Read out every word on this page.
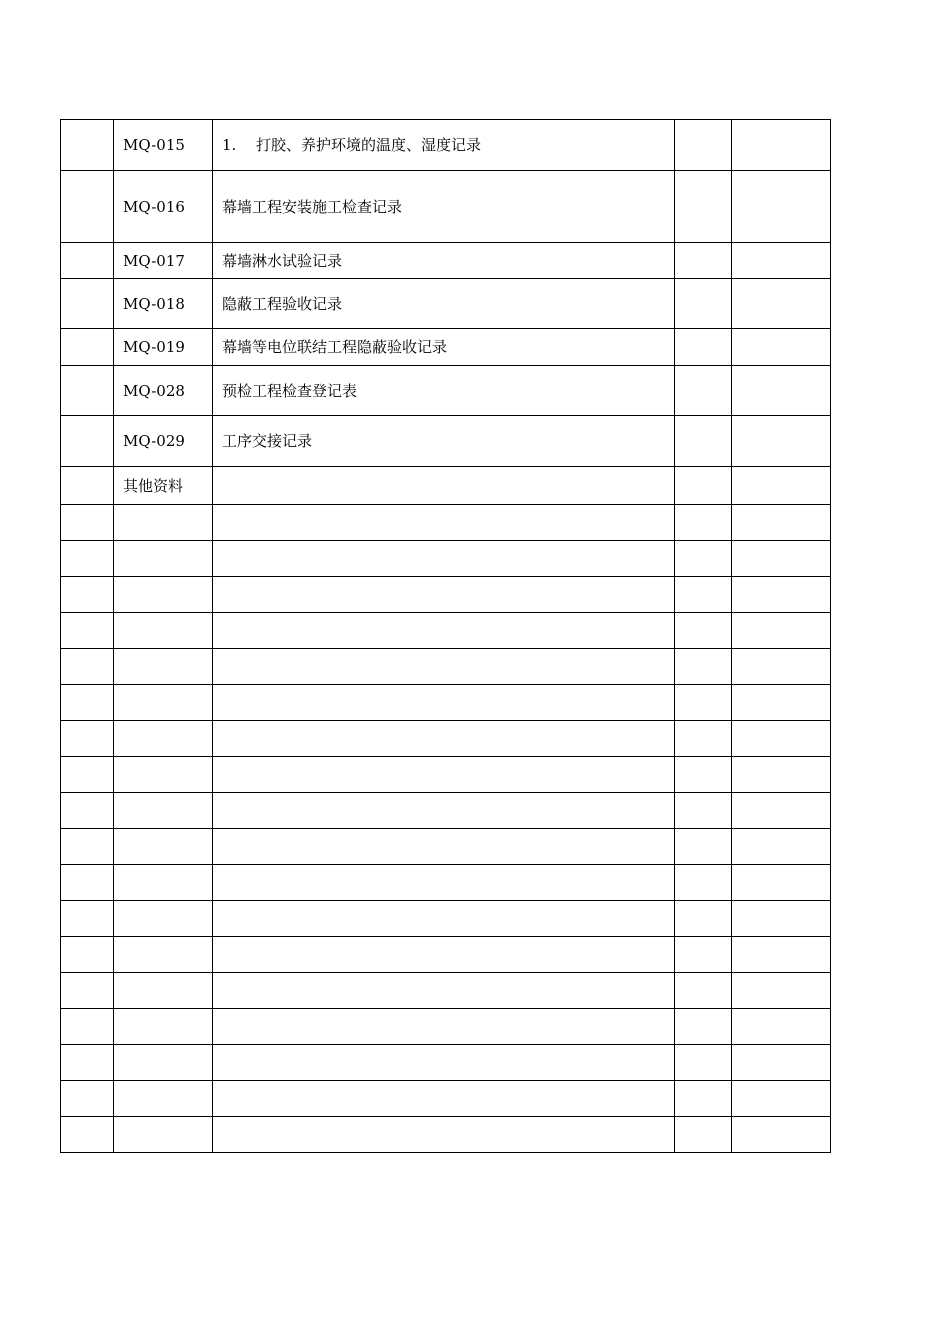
	MQ-015	1. 打胶、养护环境的温度、湿度记录		
	MQ-016	幕墙工程安装施工检查记录		
	MQ-017	幕墙淋水试验记录		
	MQ-018	隐蔽工程验收记录		
	MQ-019	幕墙等电位联结工程隐蔽验收记录		
	MQ-028	预检工程检查登记表		
	MQ-029	工序交接记录		
	其他资料			
